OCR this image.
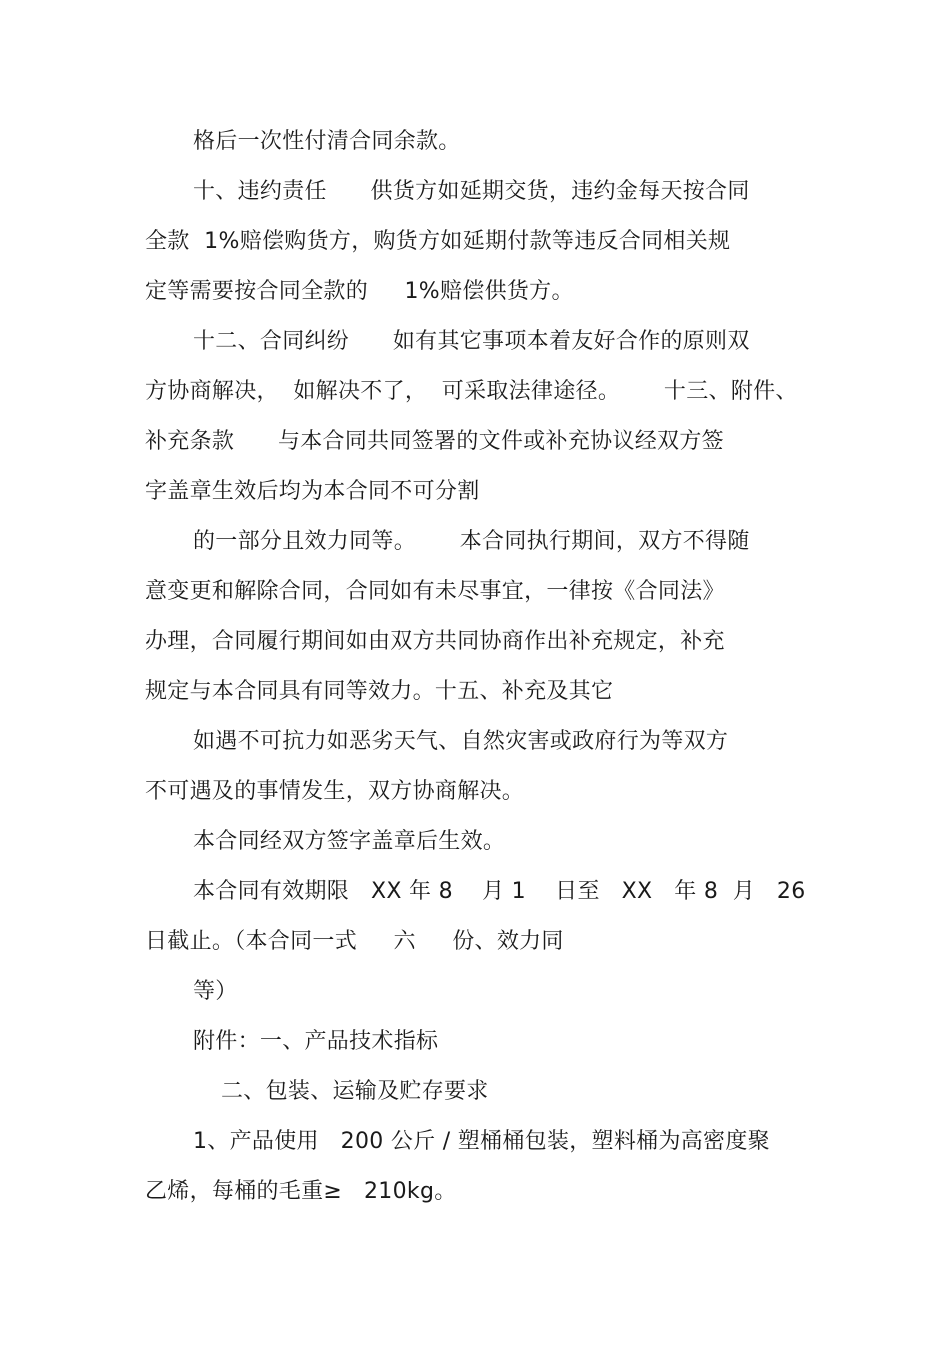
格后一次性付清合同余款。
十、违约责任      供货方如延期交货，违约金每天按合同
全款  1%赔偿购货方，购货方如延期付款等违反合同相关规
定等需要按合同全款的     1%赔偿供货方。
十二、合同纠纷      如有其它事项本着友好合作的原则双
方协商解决，  如解决不了，  可采取法律途径。      十三、附件、
补充条款      与本合同共同签署的文件或补充协议经双方签
字盖章生效后均为本合同不可分割
的一部分且效力同等。      本合同执行期间，双方不得随
意变更和解除合同，合同如有未尽事宜，一律按《合同法》
办理，合同履行期间如由双方共同协商作出补充规定，补充
规定与本合同具有同等效力。十五、补充及其它
如遇不可抗力如恶劣天气、自然灾害或政府行为等双方
不可遇及的事情发生，双方协商解决。
本合同经双方签字盖章后生效。
本合同有效期限   XX 年 8    月 1    日至   XX   年 8  月   26
日截止。（本合同一式     六     份、效力同
等）
附件：一、产品技术指标
二、包装、运输及贮存要求
1、产品使用   200 公斤 / 塑桶桶包装，塑料桶为高密度聚
乙烯，每桶的毛重≥   210kg。
